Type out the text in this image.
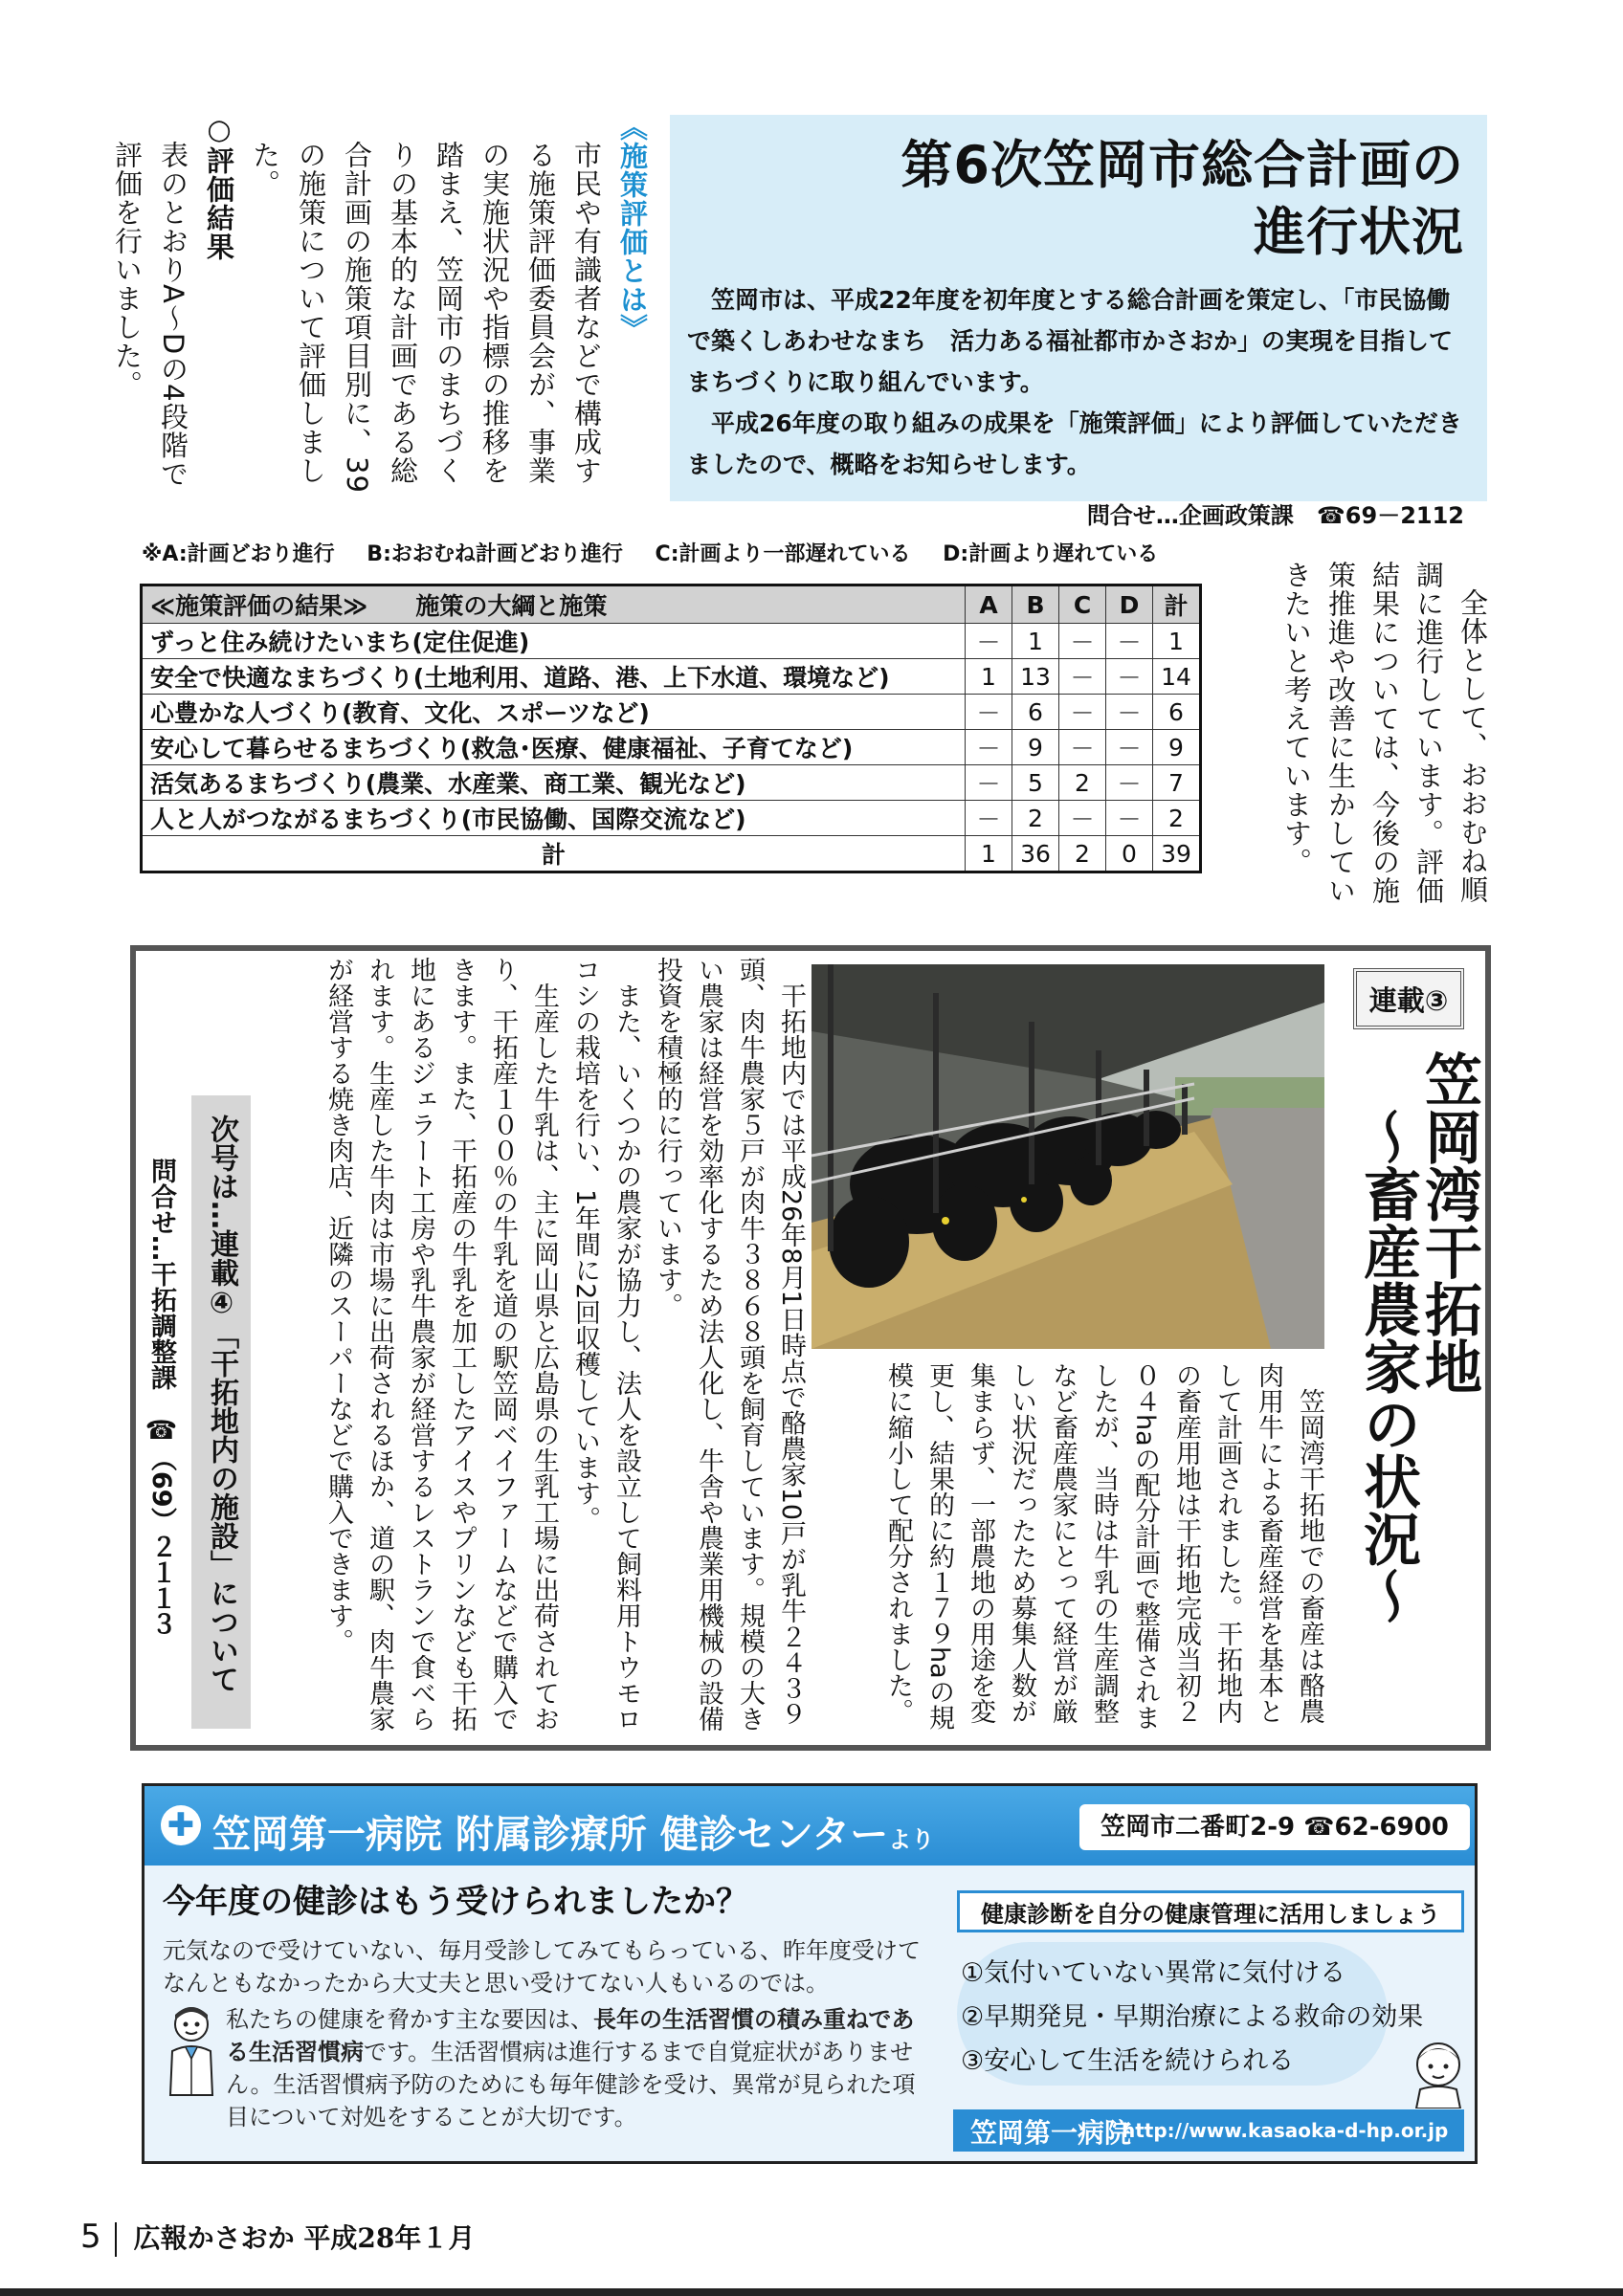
《施策評価とは》

市民や有識者などで構成する施策評価委員会が、事業の実施状況や指標の推移を踏まえ、笠岡市のまちづくりの基本的な計画である総合計画の施策項目別に、39の施策について評価しました。

○評価結果

表のとおりA～Dの4段階で評価を行いました。	第6次笠岡市総合計画の
進行状況

笠岡市は、平成22年度を初年度とする総合計画を策定し、「市民協働で築くしあわせなまち　活力ある福祉都市かさおか」の実現を目指してまちづくりに取り組んでいます。

平成26年度の取り組みの成果を「施策評価」により評価していただきましたので、概略をお知らせします。

問合せ…企画政策課 ☎69－2112
※A:計画どおり進行 B:おおむね計画どおり進行 C:計画より一部遅れている D:計画より遅れている
≪施策評価の結果≫　　施策の大綱と施策	A	B	C	D	計
ずっと住み続けたいまち(定住促進)	－	1	－	－	1
安全で快適なまちづくり(土地利用、道路、港、上下水道、環境など)	1	13	－	－	14
心豊かな人づくり(教育、文化、スポーツなど)	－	6	－	－	6
安心して暮らせるまちづくり(救急･医療、健康福祉、子育てなど)	－	9	－	－	9
活気あるまちづくり(農業、水産業、商工業、観光など)	－	5	2	－	7
人と人がつながるまちづくり(市民協働、国際交流など)	－	2	－	－	2
計	1	36	2	0	39	全体として、おおむね順調に進行しています。評価結果については、今後の施策推進や改善に生かしていきたいと考えています。

連載③

笠岡湾干拓地

～畜産農家の状況～

笠岡湾干拓地での畜産は酪農肉用牛による畜産経営を基本として計画されました。干拓地内の畜産用地は干拓地完成当初２０４haの配分計画で整備されましたが、当時は牛乳の生産調整など畜産農家にとって経営が厳しい状況だったため募集人数が集まらず、一部農地の用途を変更し、結果的に約１７９haの規模に縮小して配分されました。

干拓地内では平成26年8月1日時点で酪農家10戸が乳牛２４３９頭、肉牛農家５戸が肉牛３８６８頭を飼育しています。規模の大きい農家は経営を効率化するため法人化し、牛舎や農業用機械の設備投資を積極的に行っています。

また、いくつかの農家が協力し、法人を設立して飼料用トウモロコシの栽培を行い、1年間に2回収穫しています。

生産した牛乳は、主に岡山県と広島県の生乳工場に出荷されており、干拓産１００％の牛乳を道の駅笠岡ベイファームなどで購入できます。また、干拓産の牛乳を加工したアイスやプリンなども干拓地にあるジェラート工房や乳牛農家が経営するレストランで食べられます。生産した牛肉は市場に出荷されるほか、道の駅、肉牛農家が経営する焼き肉店、近隣のスーパーなどで購入できます。

次号は…連載④「干拓地内の施設」について
問合せ…干拓調整課　☎（69）２１１３
✚ 笠岡第一病院 附属診療所 健診センターより	笠岡市二番町2-9 ☎62-6900
今年度の健診はもう受けられましたか？
元気なので受けていない、毎月受診してみてもらっている、昨年度受けてなんともなかったから大丈夫と思い受けてない人もいるのでは。
私たちの健康を脅かす主な要因は、長年の生活習慣の積み重ねである生活習慣病です。生活習慣病は進行するまで自覚症状がありません。生活習慣病予防のためにも毎年健診を受け、異常が見られた項目について対処をすることが大切です。
健康診断を自分の健康管理に活用しましょう
①気付いていない異常に気付ける
②早期発見・早期治療による救命の効果
③安心して生活を続けられる
笠岡第一病院
http://www.kasaoka-d-hp.or.jp
5 広報かさおか 平成28年１月
